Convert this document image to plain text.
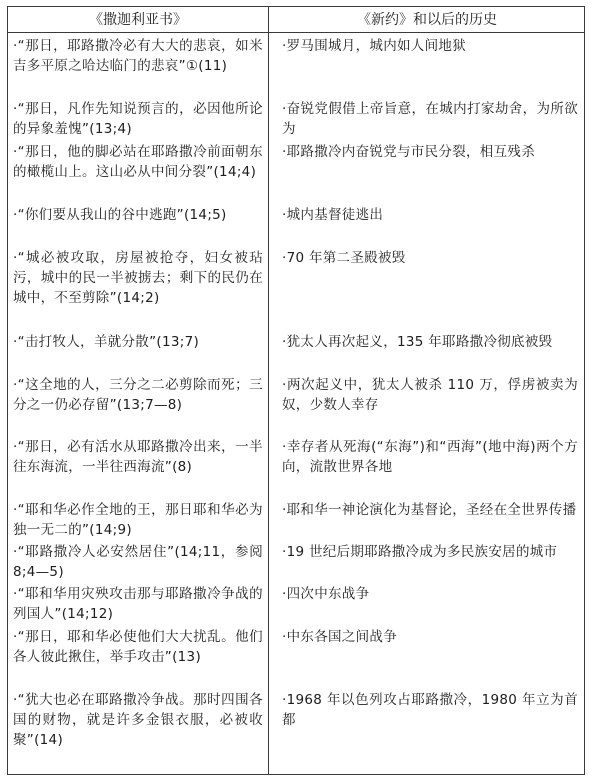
《撒迦利亚书》	《新约》和以后的历史
·“那日，耶路撒冷必有大大的悲哀，如米吉多平原之哈达临门的悲哀”①(11)
·“那日，凡作先知说预言的，必因他所论的异象羞愧”(13;4)
·“那日，他的脚必站在耶路撒冷前面朝东的橄榄山上。这山必从中间分裂”(14;4)
·“你们要从我山的谷中逃跑”(14;5)
·“城必被攻取，房屋被抢夺，妇女被玷污，城中的民一半被掳去；剩下的民仍在城中，不至剪除”(14;2)
·“击打牧人，羊就分散”(13;7)
·“这全地的人，三分之二必剪除而死；三分之一仍必存留”(13;7—8)
·“那日，必有活水从耶路撒冷出来，一半往东海流，一半往西海流”(8)
·“耶和华必作全地的王，那日耶和华必为独一无二的”(14;9)
·“耶路撒冷人必安然居住”(14;11，参阅 8;4—5)
·“耶和华用灾殃攻击那与耶路撒冷争战的列国人”(14;12)
·“那日，耶和华必使他们大大扰乱。他们各人彼此揪住，举手攻击”(13)
·“犹大也必在耶路撒冷争战。那时四围各国的财物，就是许多金银衣服，必被收聚”(14)
·罗马围城月，城内如人间地狱
·奋锐党假借上帝旨意，在城内打家劫舍，为所欲为
·耶路撒冷内奋锐党与市民分裂，相互残杀
·城内基督徒逃出
·70 年第二圣殿被毁
·犹太人再次起义，135 年耶路撒冷彻底被毁
·两次起义中，犹太人被杀 110 万，俘虏被卖为奴，少数人幸存
·幸存者从死海(“东海”)和“西海”(地中海)两个方向，流散世界各地
·耶和华一神论演化为基督论，圣经在全世界传播
·19 世纪后期耶路撒冷成为多民族安居的城市
·四次中东战争
·中东各国之间战争
·1968 年以色列攻占耶路撒冷，1980 年立为首都
